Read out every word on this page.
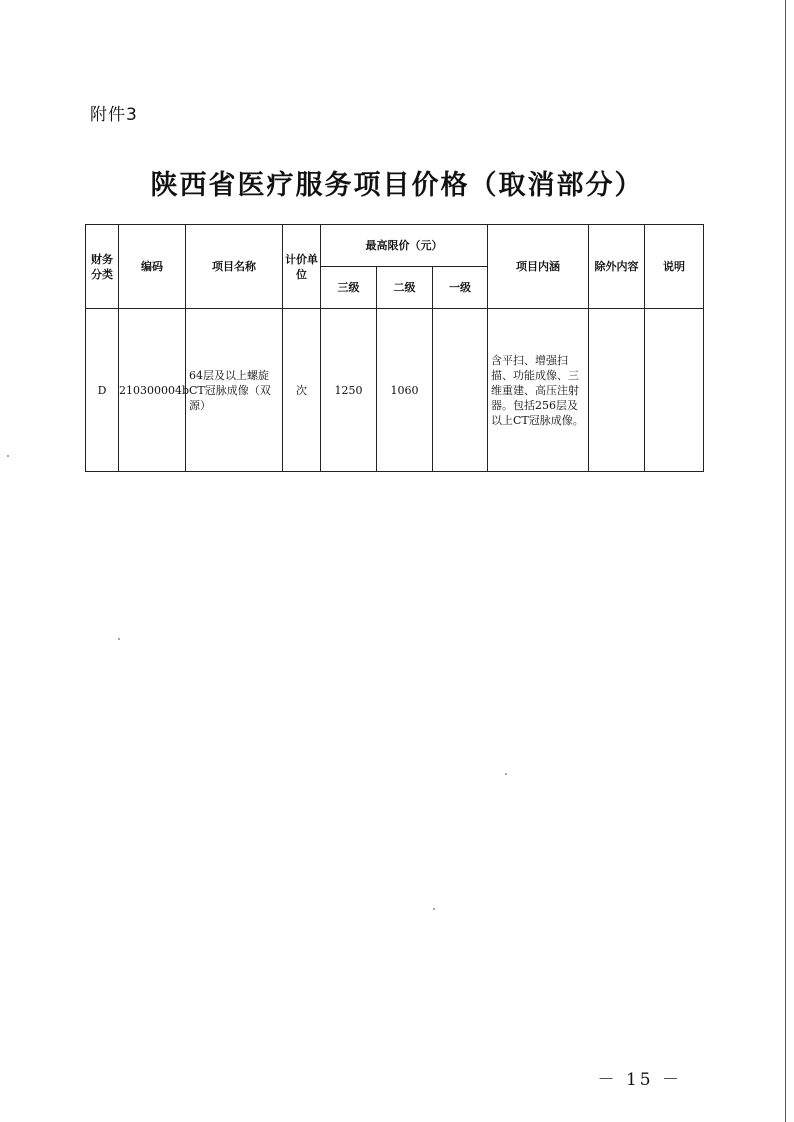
附件3
陕西省医疗服务项目价格（取消部分）
财务分类	编码	项目名称	计价单位	最高限价（元）			项目内涵	除外内容	说明
				三级	二级	一级			
D	210300004b	64层及以上螺旋CT冠脉成像（双源）	次	1250	1060		含平扫、增强扫描、功能成像、三维重建、高压注射器。包括256层及以上CT冠脉成像。		
－ 15 －
